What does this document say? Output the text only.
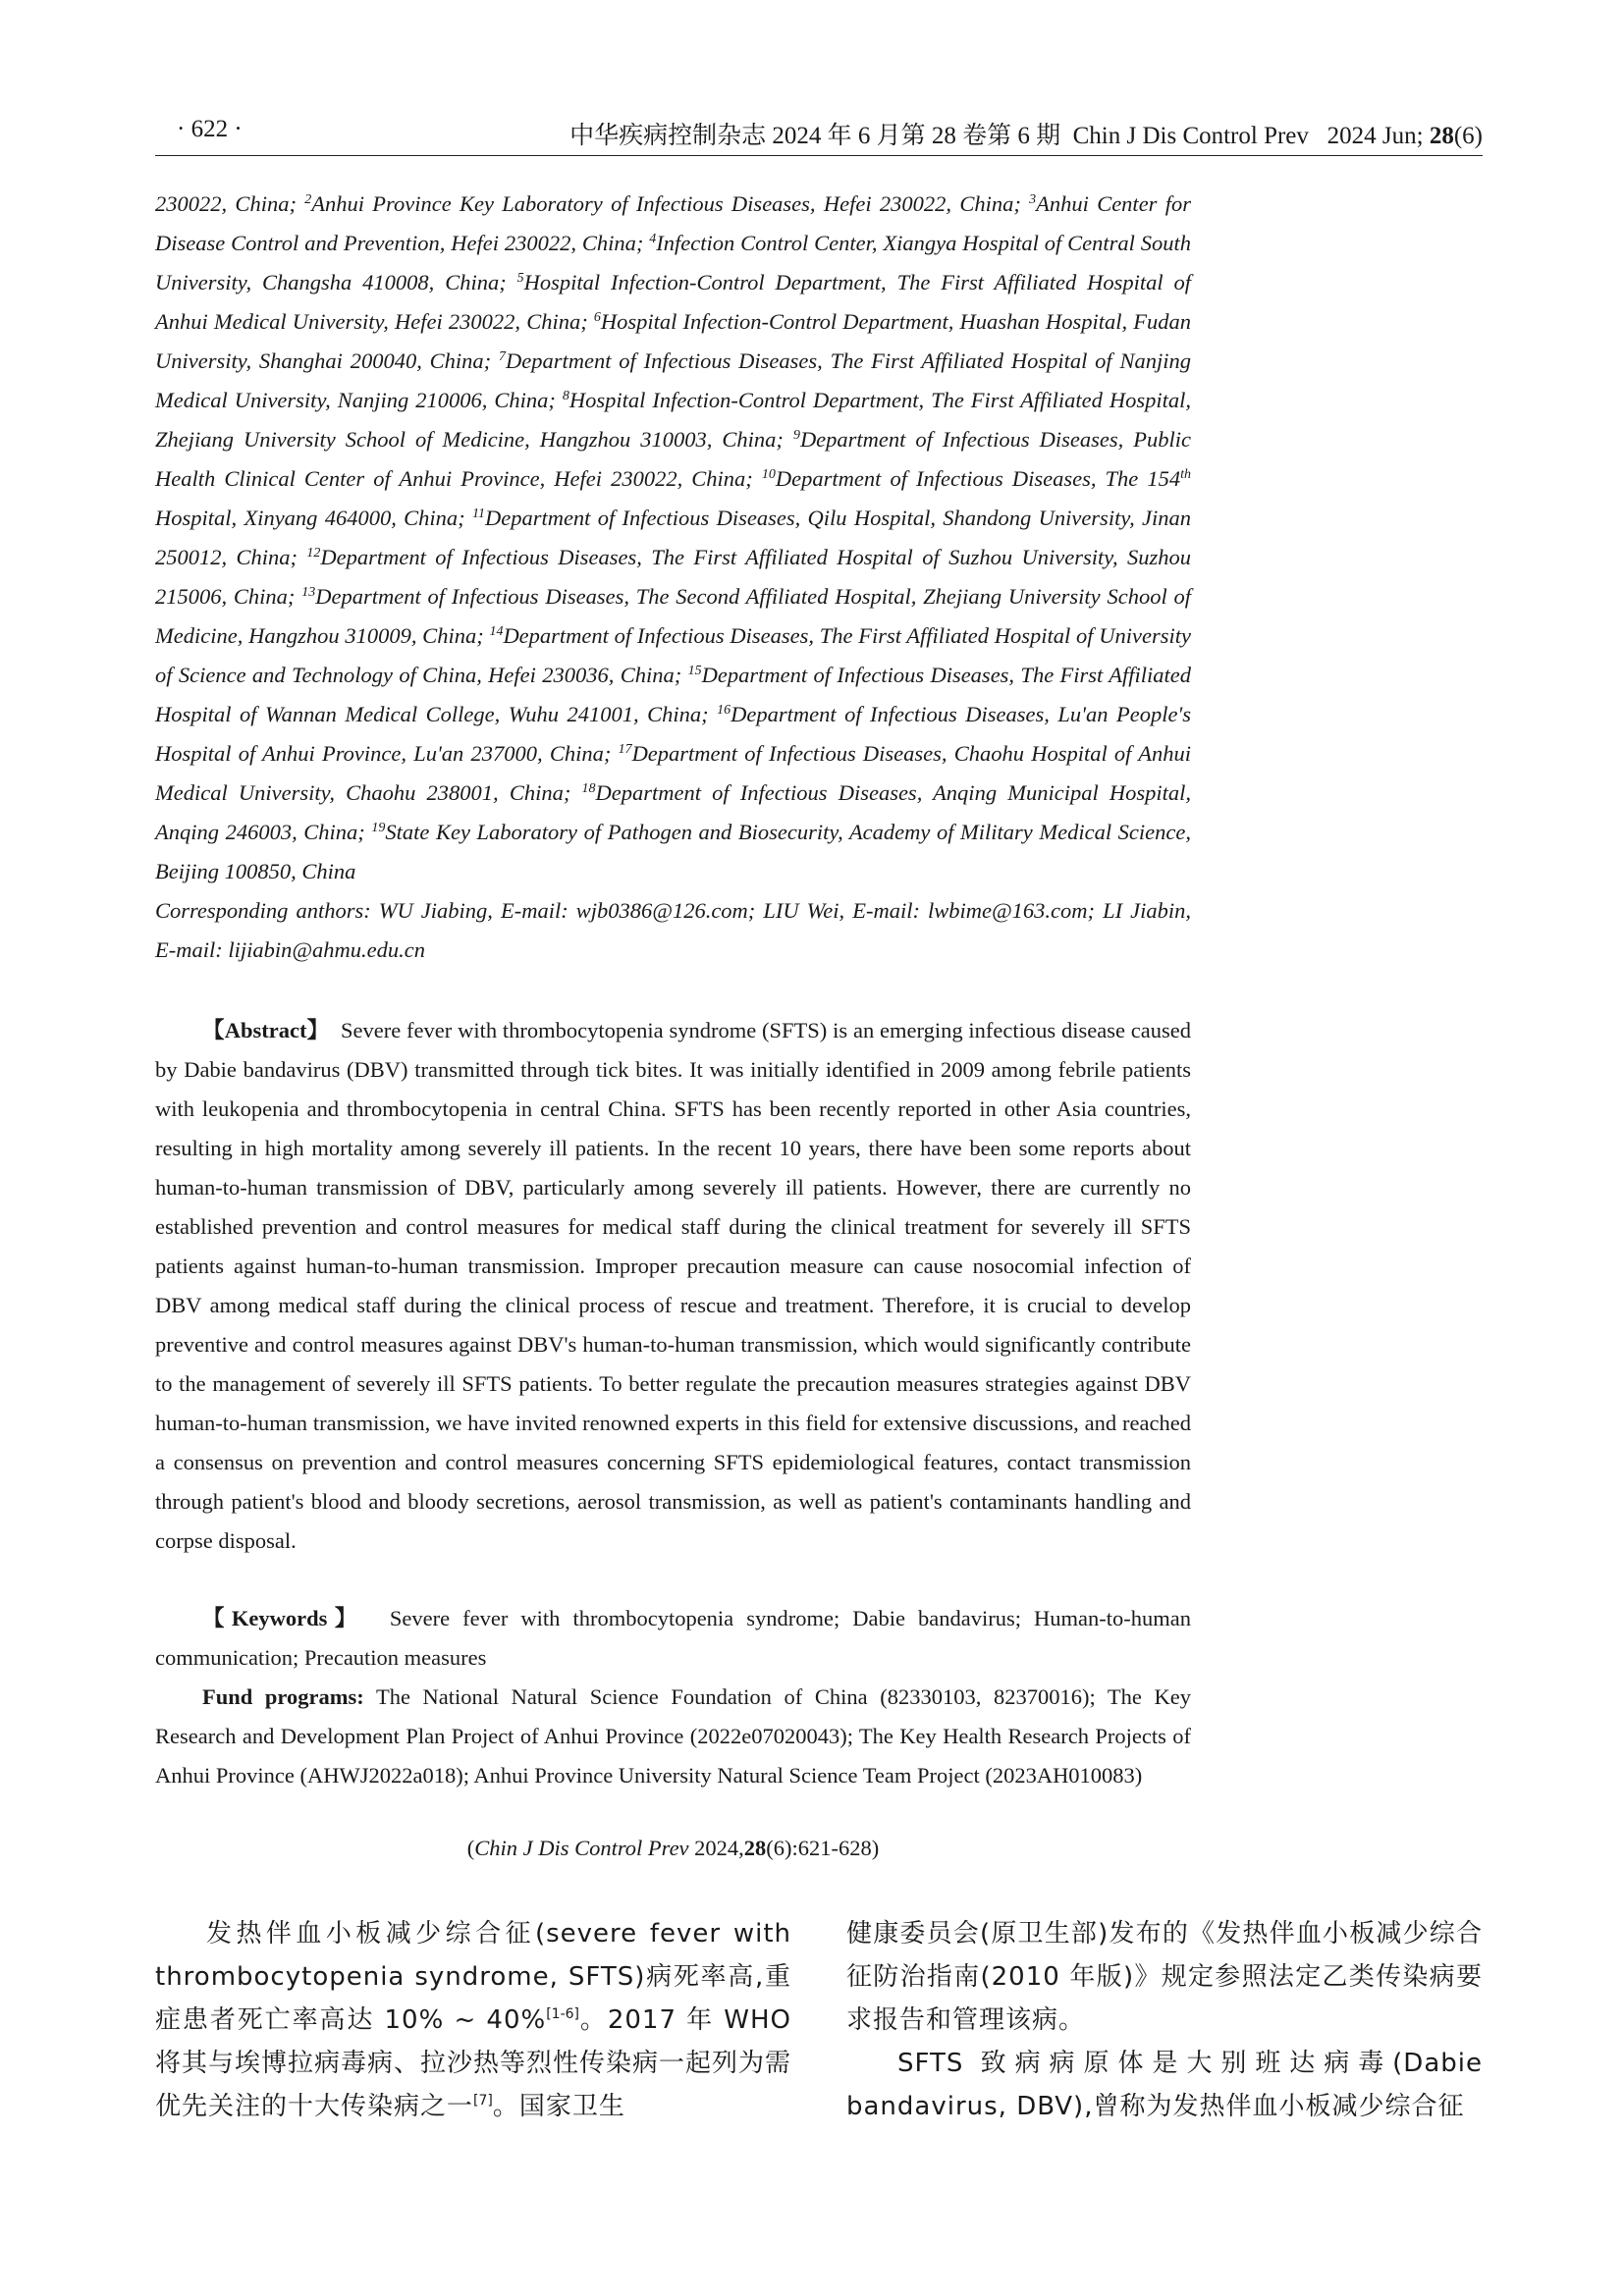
· 622 ·	中华疾病控制杂志 2024 年 6 月第 28 卷第 6 期 Chin J Dis Control Prev 2024 Jun; 28(6)
230022, China; $^2$Anhui Province Key Laboratory of Infectious Diseases, Hefei 230022, China; $^3$Anhui Center for Disease Control and Prevention, Hefei 230022, China; $^4$Infection Control Center, Xiangya Hospital of Central South University, Changsha 410008, China; $^5$Hospital Infection-Control Department, The First Affiliated Hospital of Anhui Medical University, Hefei 230022, China; $^6$Hospital Infection-Control Department, Huashan Hospital, Fudan University, Shanghai 200040, China; $^7$Department of Infectious Diseases, The First Affiliated Hospital of Nanjing Medical University, Nanjing 210006, China; $^8$Hospital Infection-Control Department, The First Affiliated Hospital, Zhejiang University School of Medicine, Hangzhou 310003, China; $^9$Department of Infectious Diseases, Public Health Clinical Center of Anhui Province, Hefei 230022, China; $^{10}$Department of Infectious Diseases, The 154th Hospital, Xinyang 464000, China; $^{11}$Department of Infectious Diseases, Qilu Hospital, Shandong University, Jinan 250012, China; $^{12}$Department of Infectious Diseases, The First Affiliated Hospital of Suzhou University, Suzhou 215006, China; $^{13}$Department of Infectious Diseases, The Second Affiliated Hospital, Zhejiang University School of Medicine, Hangzhou 310009, China; $^{14}$Department of Infectious Diseases, The First Affiliated Hospital of University of Science and Technology of China, Hefei 230036, China; $^{15}$Department of Infectious Diseases, The First Affiliated Hospital of Wannan Medical College, Wuhu 241001, China; $^{16}$Department of Infectious Diseases, Lu'an People's Hospital of Anhui Province, Lu'an 237000, China; $^{17}$Department of Infectious Diseases, Chaohu Hospital of Anhui Medical University, Chaohu 238001, China; $^{18}$Department of Infectious Diseases, Anqing Municipal Hospital, Anqing 246003, China; $^{19}$State Key Laboratory of Pathogen and Biosecurity, Academy of Military Medical Science, Beijing 100850, China
Corresponding anthors: WU Jiabing, E-mail: wjb0386@126.com; LIU Wei, E-mail: lwbime@163.com; LI Jiabin, E-mail: lijiabin@ahmu.edu.cn
【Abstract】 Severe fever with thrombocytopenia syndrome (SFTS) is an emerging infectious disease caused by Dabie bandavirus (DBV) transmitted through tick bites. It was initially identified in 2009 among febrile patients with leukopenia and thrombocytopenia in central China. SFTS has been recently reported in other Asia countries, resulting in high mortality among severely ill patients. In the recent 10 years, there have been some reports about human-to-human transmission of DBV, particularly among severely ill patients. However, there are currently no established prevention and control measures for medical staff during the clinical treatment for severely ill SFTS patients against human-to-human transmission. Improper precaution measure can cause nosocomial infection of DBV among medical staff during the clinical process of rescue and treatment. Therefore, it is crucial to develop preventive and control measures against DBV's human-to-human transmission, which would significantly contribute to the management of severely ill SFTS patients. To better regulate the precaution measures strategies against DBV human-to-human transmission, we have invited renowned experts in this field for extensive discussions, and reached a consensus on prevention and control measures concerning SFTS epidemiological features, contact transmission through patient's blood and bloody secretions, aerosol transmission, as well as patient's contaminants handling and corpse disposal.
【Keywords】 Severe fever with thrombocytopenia syndrome; Dabie bandavirus; Human-to-human communication; Precaution measures
Fund programs: The National Natural Science Foundation of China (82330103, 82370016); The Key Research and Development Plan Project of Anhui Province (2022e07020043); The Key Health Research Projects of Anhui Province (AHWJ2022a018); Anhui Province University Natural Science Team Project (2023AH010083)
(Chin J Dis Control Prev 2024,28(6):621-628)

发热伴血小板减少综合征(severe fever with thrombocytopenia syndrome, SFTS)病死率高,重症患者死亡率高达 10% ~ 40%[1-6]。2017 年 WHO 将其与埃博拉病毒病、拉沙热等烈性传染病一起列为需优先关注的十大传染病之一[7]。国家卫生

健康委员会(原卫生部)发布的《发热伴血小板减少综合征防治指南(2010 年版)》规定参照法定乙类传染病要求报告和管理该病。

SFTS 致病病原体是大别班达病毒(Dabie bandavirus, DBV),曾称为发热伴血小板减少综合征
